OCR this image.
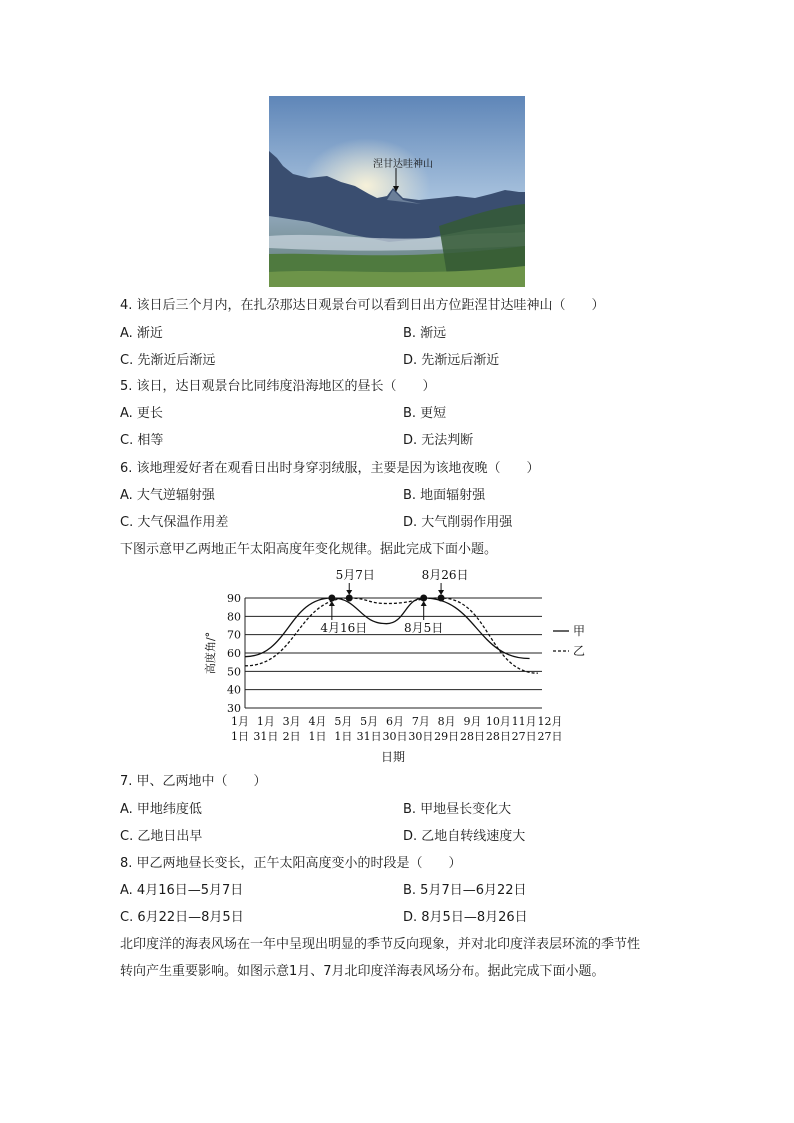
涅甘达哇神山
4. 该日后三个月内，在扎尕那达日观景台可以看到日出方位距涅甘达哇神山（　　）
A. 渐近	B. 渐远
C. 先渐近后渐远	D. 先渐远后渐近
5. 该日，达日观景台比同纬度沿海地区的昼长（　　）
A. 更长	B. 更短
C. 相等	D. 无法判断
6. 该地理爱好者在观看日出时身穿羽绒服，主要是因为该地夜晚（　　）
A. 大气逆辐射强	B. 地面辐射强
C. 大气保温作用差	D. 大气削弱作用强
下图示意甲乙两地正午太阳高度年变化规律。据此完成下面小题。
90
80
70
60
50
40
30
高度角/°
1月
1日
1月
31日
3月
2日
4月
1日
5月
1日
5月
31日
6月
30日
7月
30日
8月
29日
9月
28日
10月
28日
11月
27日
12月
27日
日期
甲
乙
5月7日	8月26日
4月16日	8月5日
7. 甲、乙两地中（　　）
A. 甲地纬度低	B. 甲地昼长变化大
C. 乙地日出早	D. 乙地自转线速度大
8. 甲乙两地昼长变长，正午太阳高度变小的时段是（　　）
A. 4月16日—5月7日	B. 5月7日—6月22日
C. 6月22日—8月5日	D. 8月5日—8月26日
北印度洋的海表风场在一年中呈现出明显的季节反向现象，并对北印度洋表层环流的季节性
转向产生重要影响。如图示意1月、7月北印度洋海表风场分布。据此完成下面小题。
